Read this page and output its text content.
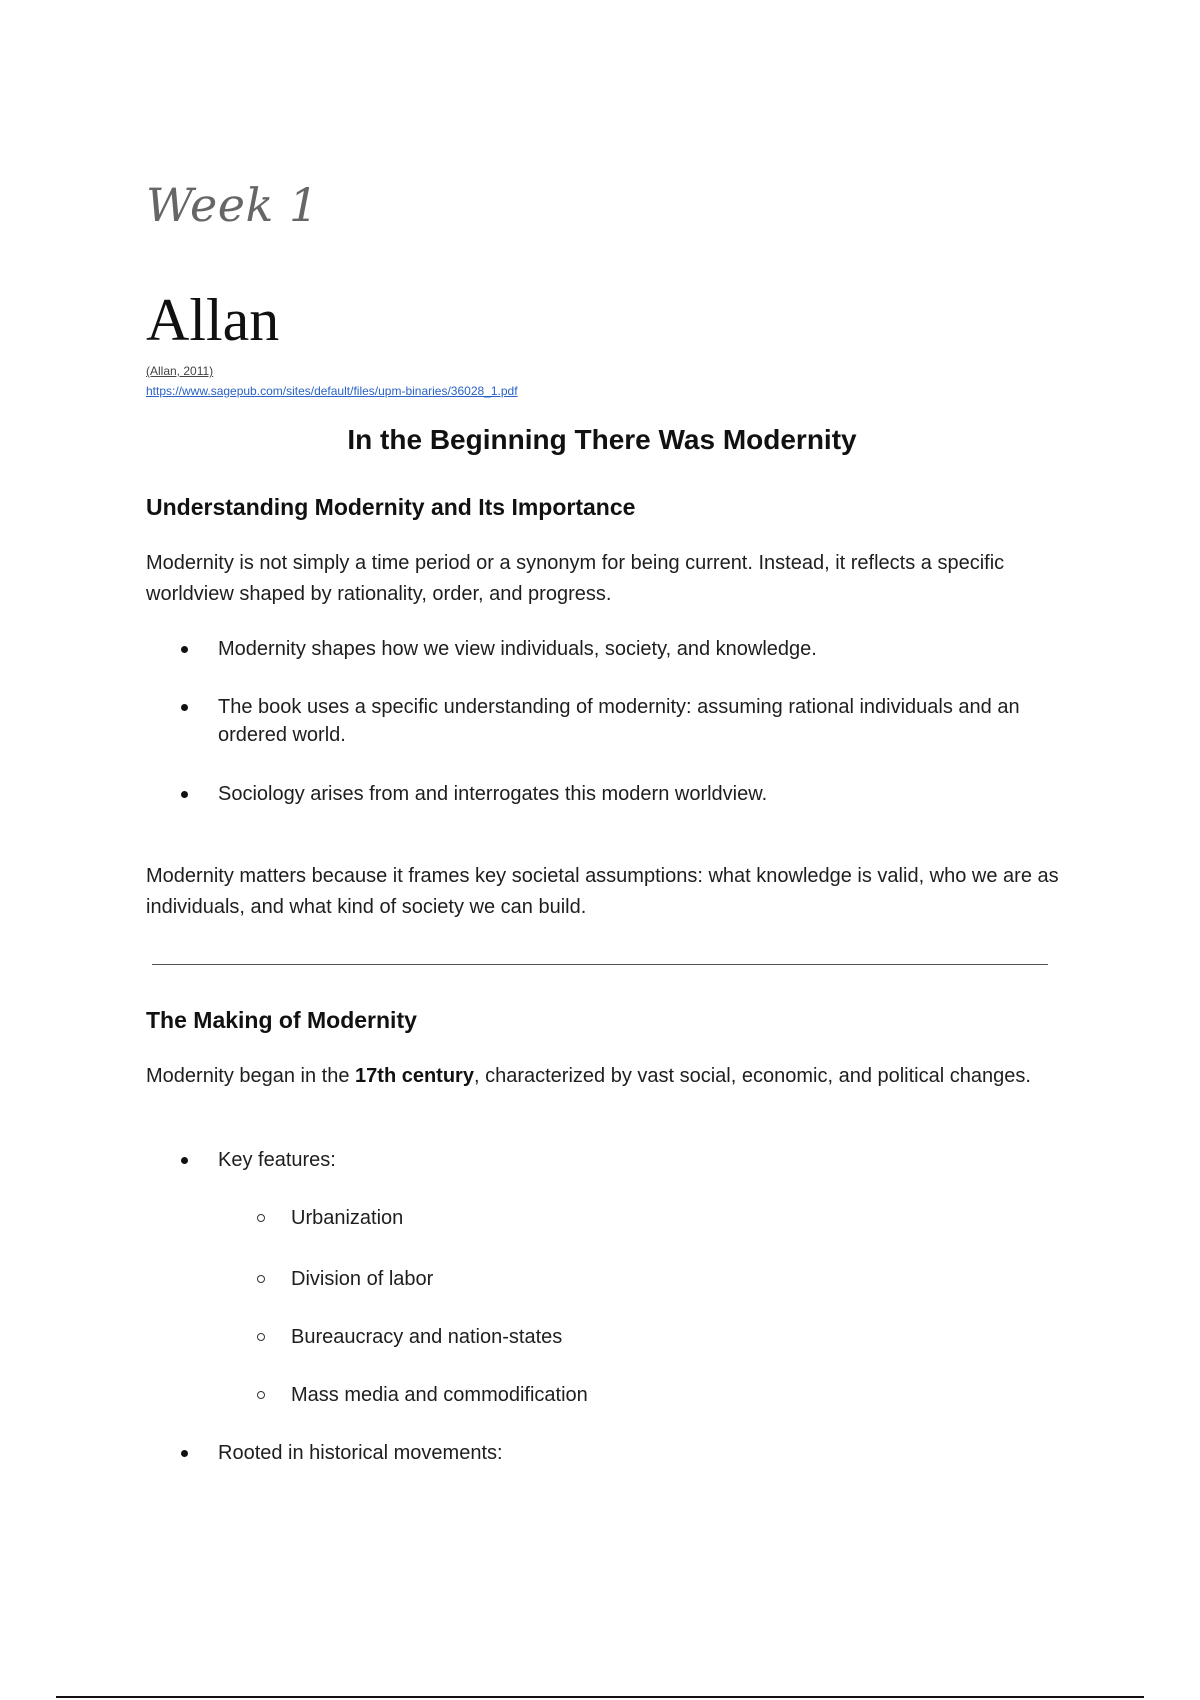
Week 1
Allan
(Allan, 2011)
https://www.sagepub.com/sites/default/files/upm-binaries/36028_1.pdf
In the Beginning There Was Modernity
Understanding Modernity and Its Importance

Modernity is not simply a time period or a synonym for being current. Instead, it reflects a specific worldview shaped by rationality, order, and progress.

Modernity shapes how we view individuals, society, and knowledge.
The book uses a specific understanding of modernity: assuming rational individuals and an ordered world.
Sociology arises from and interrogates this modern worldview.

Modernity matters because it frames key societal assumptions: what knowledge is valid, who we are as individuals, and what kind of society we can build.

The Making of Modernity

Modernity began in the 17th century, characterized by vast social, economic, and political changes.

Key features:
Urbanization
Division of labor
Bureaucracy and nation-states
Mass media and commodification
Rooted in historical movements:
